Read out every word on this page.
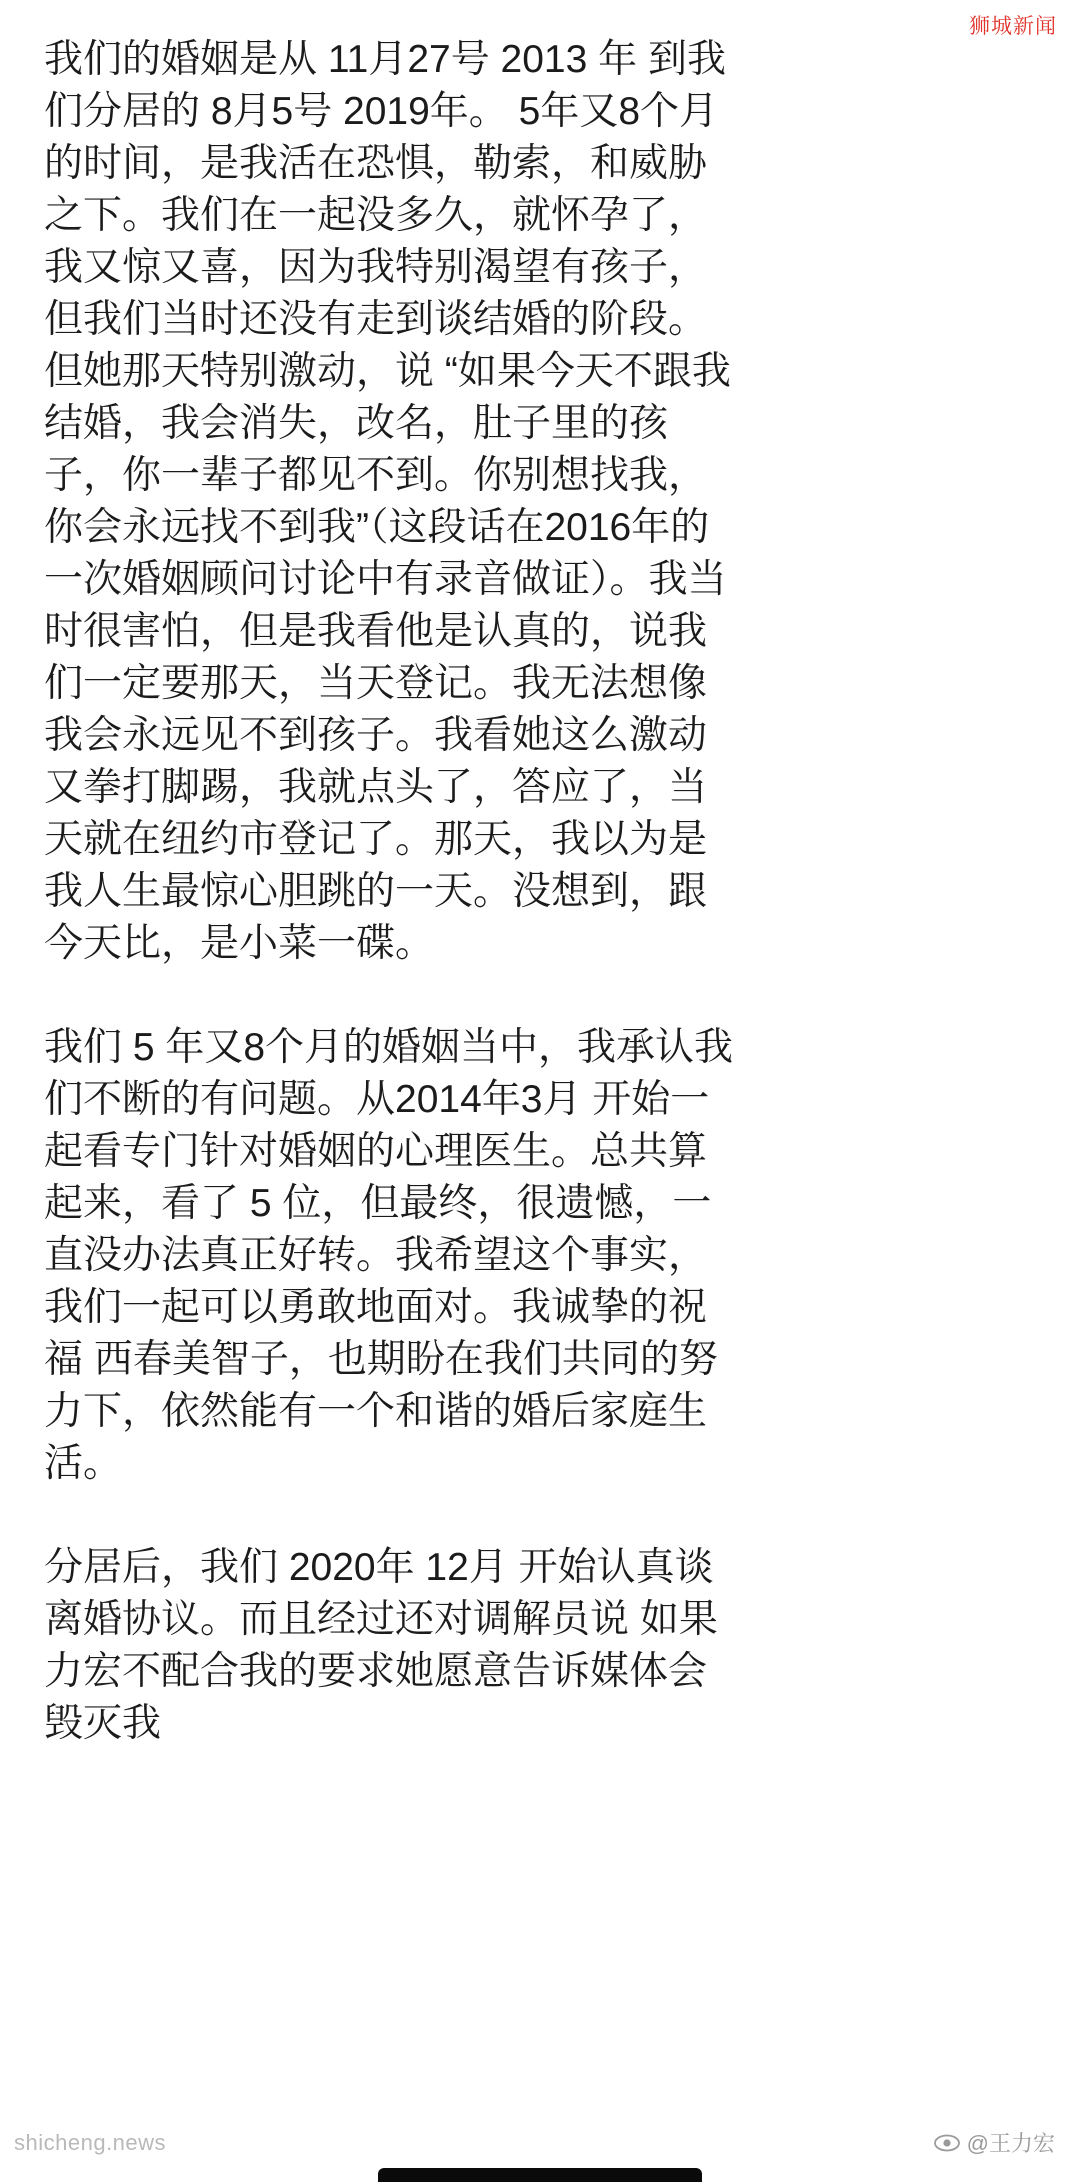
狮城新闻

我们的婚姻是从 11月27号 2013 年 到我们分居的 8月5号 2019年。 5年又8个月 的时间，是我活在恐惧，勒索，和威胁之下。我们在一起没多久，就怀孕了，我又惊又喜，因为我特别渴望有孩子，但我们当时还没有走到谈结婚的阶段。但她那天特别激动，说 “如果今天不跟我结婚，我会消失，改名，肚子里的孩子，你一辈子都见不到。你别想找我，你会永远找不到我”（这段话在2016年的一次婚姻顾问讨论中有录音做证）。我当时很害怕，但是我看他是认真的，说我们一定要那天，当天登记。我无法想像我会永远见不到孩子。我看她这么激动又拳打脚踢，我就点头了，答应了，当天就在纽约市登记了。那天，我以为是我人生最惊心胆跳的一天。没想到，跟今天比，是小菜一碟。

我们 5 年又8个月的婚姻当中，我承认我们不断的有问题。从2014年3月 开始一起看专门针对婚姻的心理医生。总共算起来，看了 5 位，但最终，很遗憾，一直没办法真正好转。我希望这个事实，我们一起可以勇敢地面对。我诚挚的祝福 西春美智子，也期盼在我们共同的努力下，依然能有一个和谐的婚后家庭生活。

分居后，我们 2020年 12月 开始认真谈离婚协议。而且经过还对调解员说 如果力宏不配合我的要求她愿意告诉媒体会毁灭我

shicheng.news	@王力宏
